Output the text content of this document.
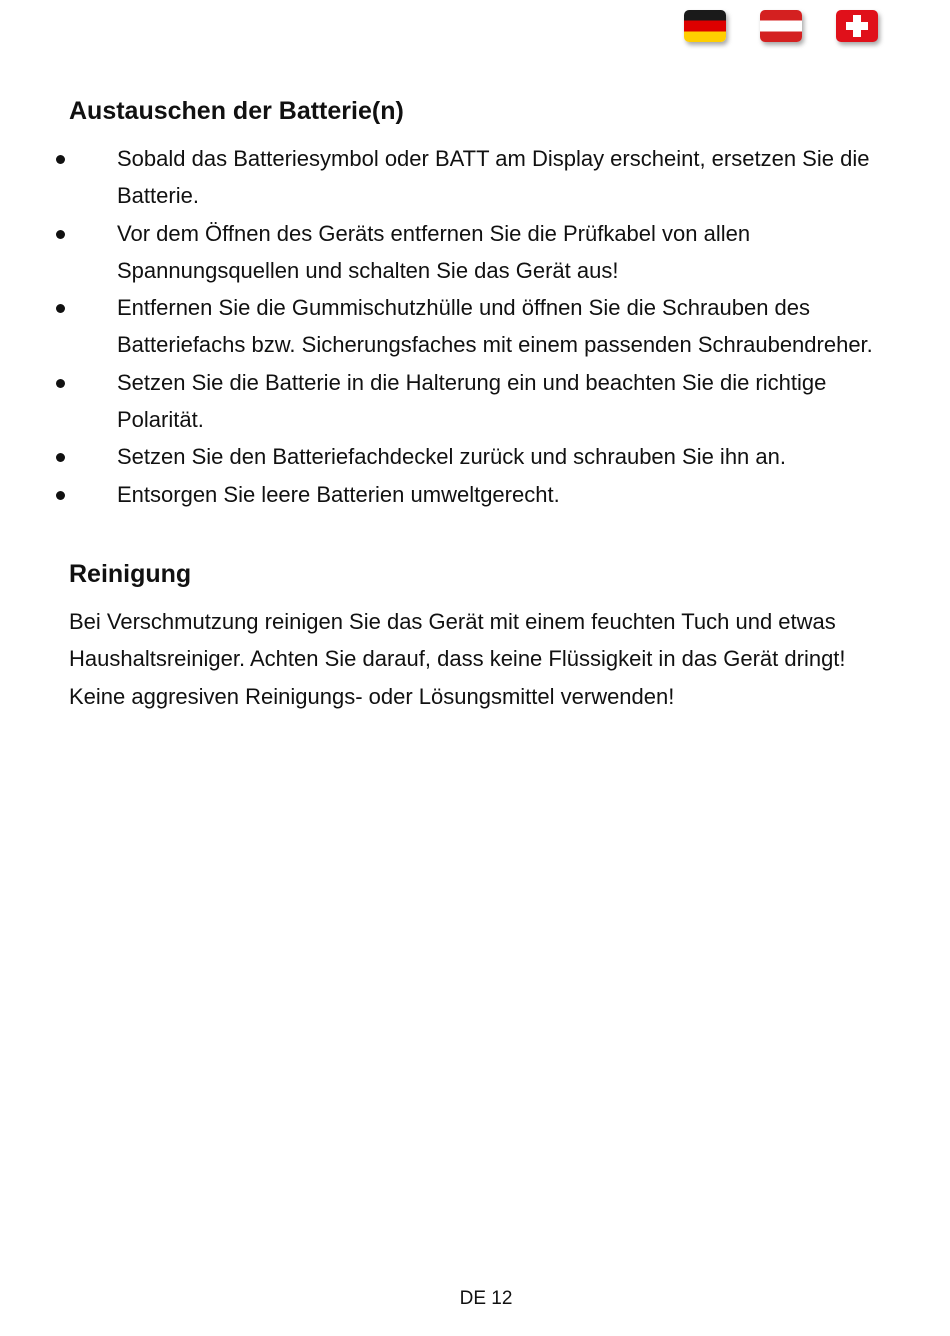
Austauschen der Batterie(n)
Sobald das Batteriesymbol oder BATT am Display erscheint, ersetzen Sie die Batterie.
Vor dem Öffnen des Geräts entfernen Sie die Prüfkabel von allen Spannungsquellen und schalten Sie das Gerät aus!
Entfernen Sie die Gummischutzhülle und öffnen Sie die Schrauben des Batteriefachs bzw. Sicherungsfaches mit einem passenden Schraubendreher.
Setzen Sie die Batterie in die Halterung ein und beachten Sie die richtige Polarität.
Setzen Sie den Batteriefachdeckel zurück und schrauben Sie ihn an.
Entsorgen Sie leere Batterien umweltgerecht.
Reinigung

Bei Verschmutzung reinigen Sie das Gerät mit einem feuchten Tuch und etwas Haushaltsreiniger. Achten Sie darauf, dass keine Flüssigkeit in das Gerät dringt! Keine aggresiven Reinigungs- oder Lösungsmittel verwenden!

DE 12
